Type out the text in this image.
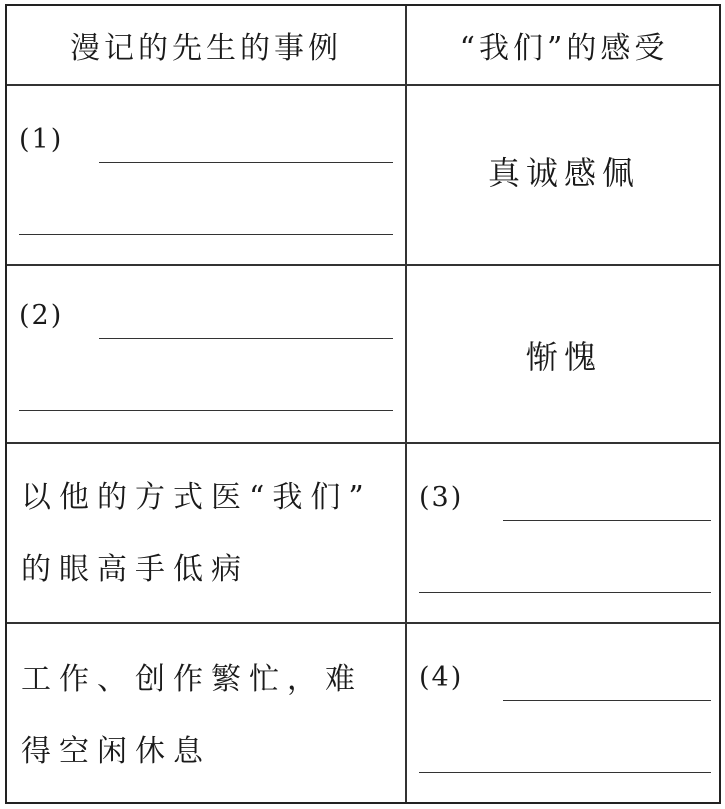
漫记的先生的事例	“我们”的感受
(1)
真诚感佩
(2)
惭愧
以他的方式医“我们”
的眼高手低病
(3)
工作、创作繁忙，难
得空闲休息
(4)
